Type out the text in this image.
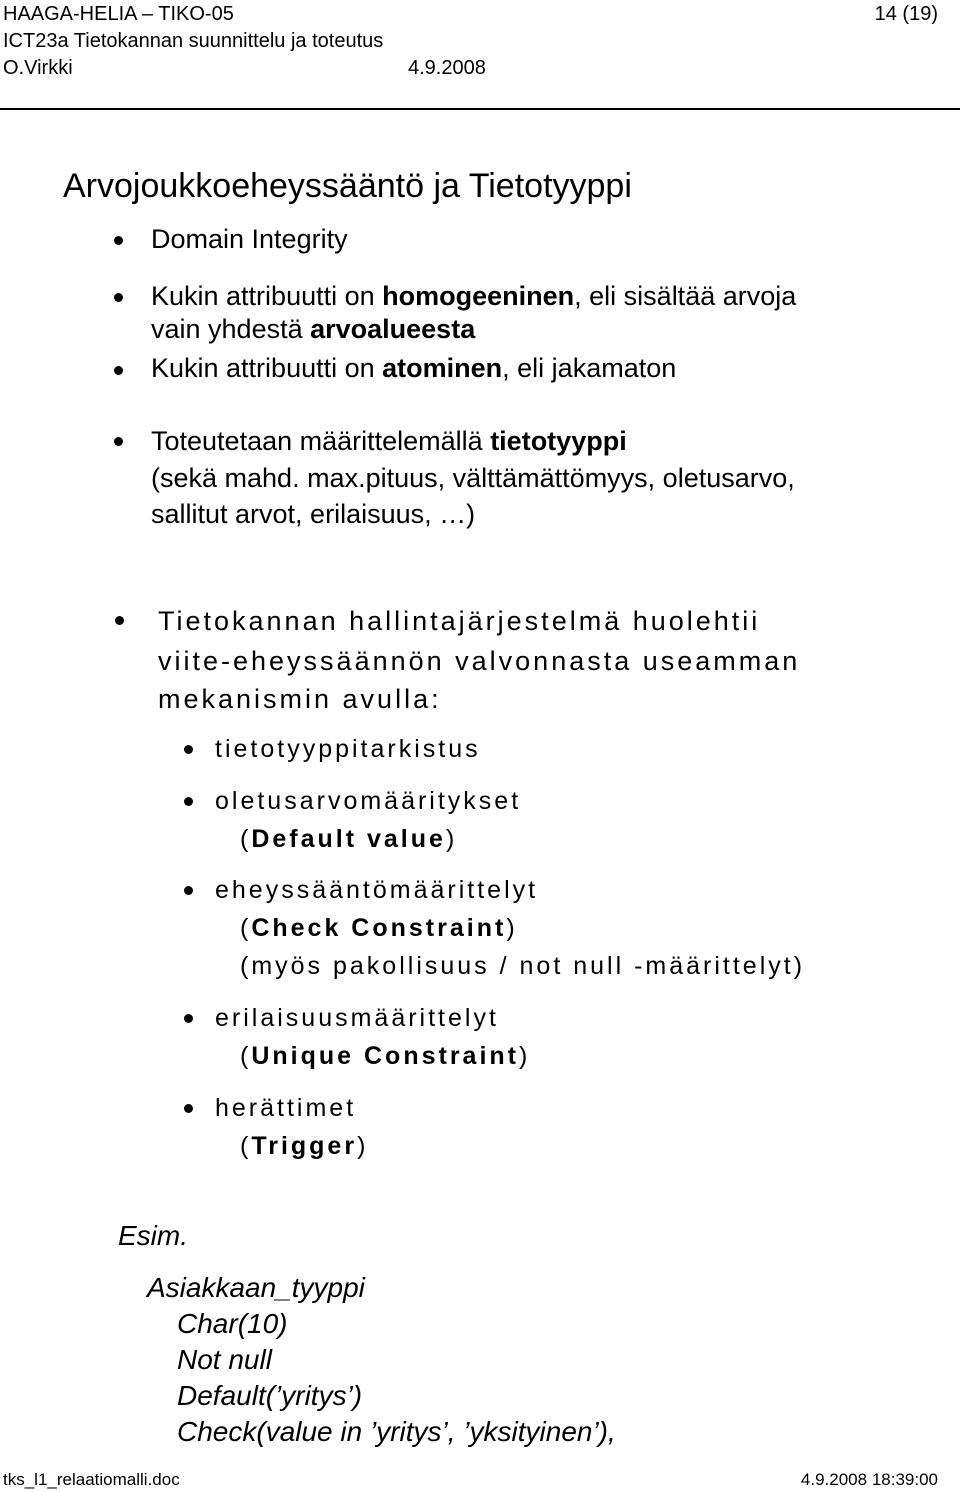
HAAGA-HELIA – TIKO-05	14 (19)
ICT23a Tietokannan suunnittelu ja toteutus
O.Virkki	4.9.2008
Arvojoukkoeheyssääntö ja Tietotyyppi
Domain Integrity
Kukin attribuutti on homogeeninen, eli sisältää arvoja
vain yhdestä arvoalueesta
Kukin attribuutti on atominen, eli jakamaton
Toteutetaan määrittelemällä tietotyyppi
(sekä mahd. max.pituus, välttämättömyys, oletusarvo,
sallitut arvot, erilaisuus, …)
Tietokannan hallintajärjestelmä huolehtii
viite-eheyssäännön valvonnasta useamman
mekanismin avulla:
tietotyyppitarkistus
oletusarvomääritykset
(Default value)
eheyssääntömäärittelyt
(Check Constraint)
(myös pakollisuus / not null -määrittelyt)
erilaisuusmäärittelyt
(Unique Constraint)
herättimet
(Trigger)
Esim.
Asiakkaan_tyyppi
Char(10)
Not null
Default(’yritys’)
Check(value in ’yritys’, ’yksityinen’),
tks_l1_relaatiomalli.doc	4.9.2008 18:39:00
